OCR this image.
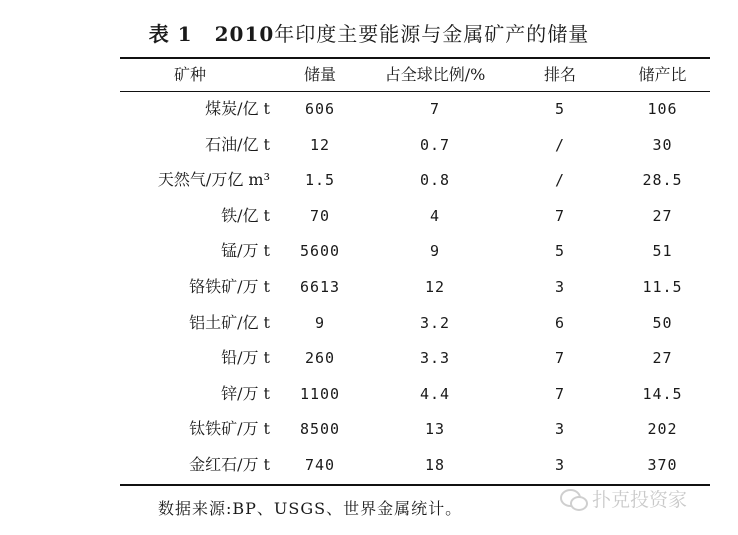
表 1 2010年印度主要能源与金属矿产的储量
矿种	储量	占全球比例/%	排名	储产比
煤炭/亿 t	606	7	5	106
石油/亿 t	12	0.7	/	30
天然气/万亿 m³	1.5	0.8	/	28.5
铁/亿 t	70	4	7	27
锰/万 t	5600	9	5	51
铬铁矿/万 t	6613	12	3	11.5
铝土矿/亿 t	9	3.2	6	50
铅/万 t	260	3.3	7	27
锌/万 t	1100	4.4	7	14.5
钛铁矿/万 t	8500	13	3	202
金红石/万 t	740	18	3	370
数据来源:BP、USGS、世界金属统计。	扑克投资家
